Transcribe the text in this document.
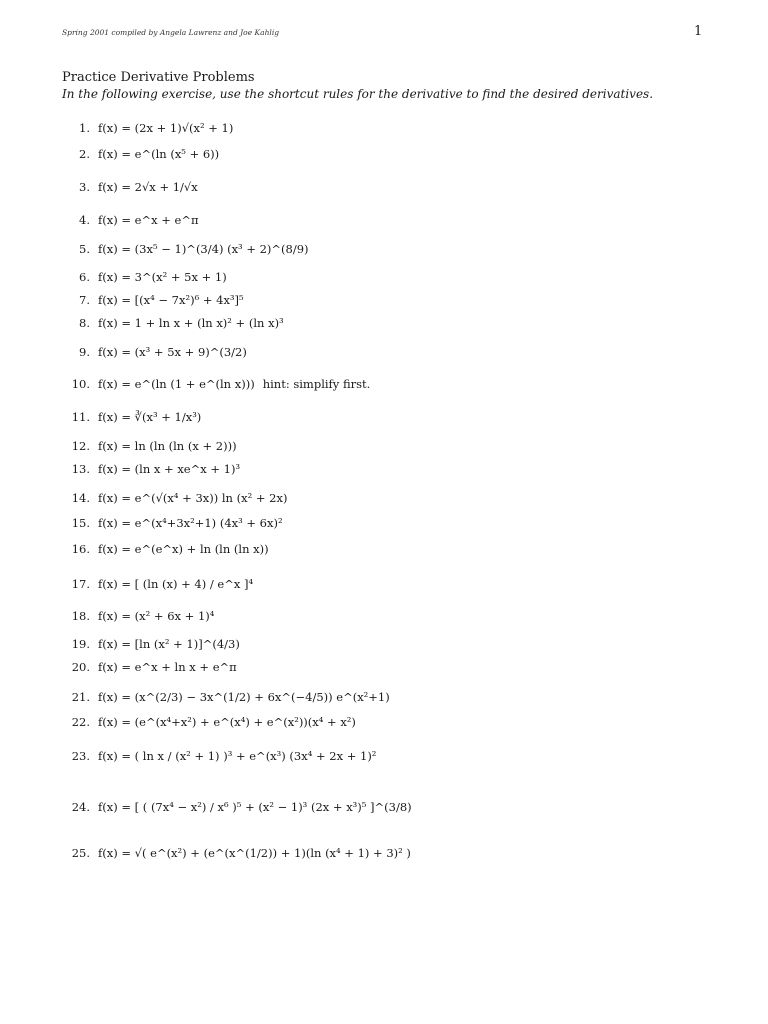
Spring 2001 compiled by Angela Lawrenz and Joe Kahlig	1
Practice Derivative Problems
In the following exercise, use the shortcut rules for the derivative to find the desired derivatives.
1. f(x) = (2x + 1)√(x² + 1)
2. f(x) = e^(ln (x⁵ + 6))
3. f(x) = 2√x + 1/√x
4. f(x) = e^x + e^π
5. f(x) = (3x⁵ − 1)^(3/4) (x³ + 2)^(8/9)
6. f(x) = 3^(x² + 5x + 1)
7. f(x) = [(x⁴ − 7x²)⁶ + 4x³]⁵
8. f(x) = 1 + ln x + (ln x)² + (ln x)³
9. f(x) = (x³ + 5x + 9)^(3/2)
10. f(x) = e^(ln (1 + e^(ln x))) hint: simplify first.
11. f(x) = ∛(x³ + 1/x³)
12. f(x) = ln (ln (ln (x + 2)))
13. f(x) = (ln x + xe^x + 1)³
14. f(x) = e^(√(x⁴ + 3x)) ln (x² + 2x)
15. f(x) = e^(x⁴+3x²+1) (4x³ + 6x)²
16. f(x) = e^(e^x) + ln (ln (ln x))
17. f(x) = [ (ln (x) + 4) / e^x ]⁴
18. f(x) = (x² + 6x + 1)⁴
19. f(x) = [ln (x² + 1)]^(4/3)
20. f(x) = e^x + ln x + e^π
21. f(x) = (x^(2/3) − 3x^(1/2) + 6x^(−4/5)) e^(x²+1)
22. f(x) = (e^(x⁴+x²) + e^(x⁴) + e^(x²))(x⁴ + x²)
23. f(x) = ( ln x / (x² + 1) )³ + e^(x³) (3x⁴ + 2x + 1)²
24. f(x) = [ ( (7x⁴ − x²) / x⁶ )⁵ + (x² − 1)³ (2x + x³)⁵ ]^(3/8)
25. f(x) = √( e^(x²) + (e^(x^(1/2)) + 1)(ln (x⁴ + 1) + 3)² )
